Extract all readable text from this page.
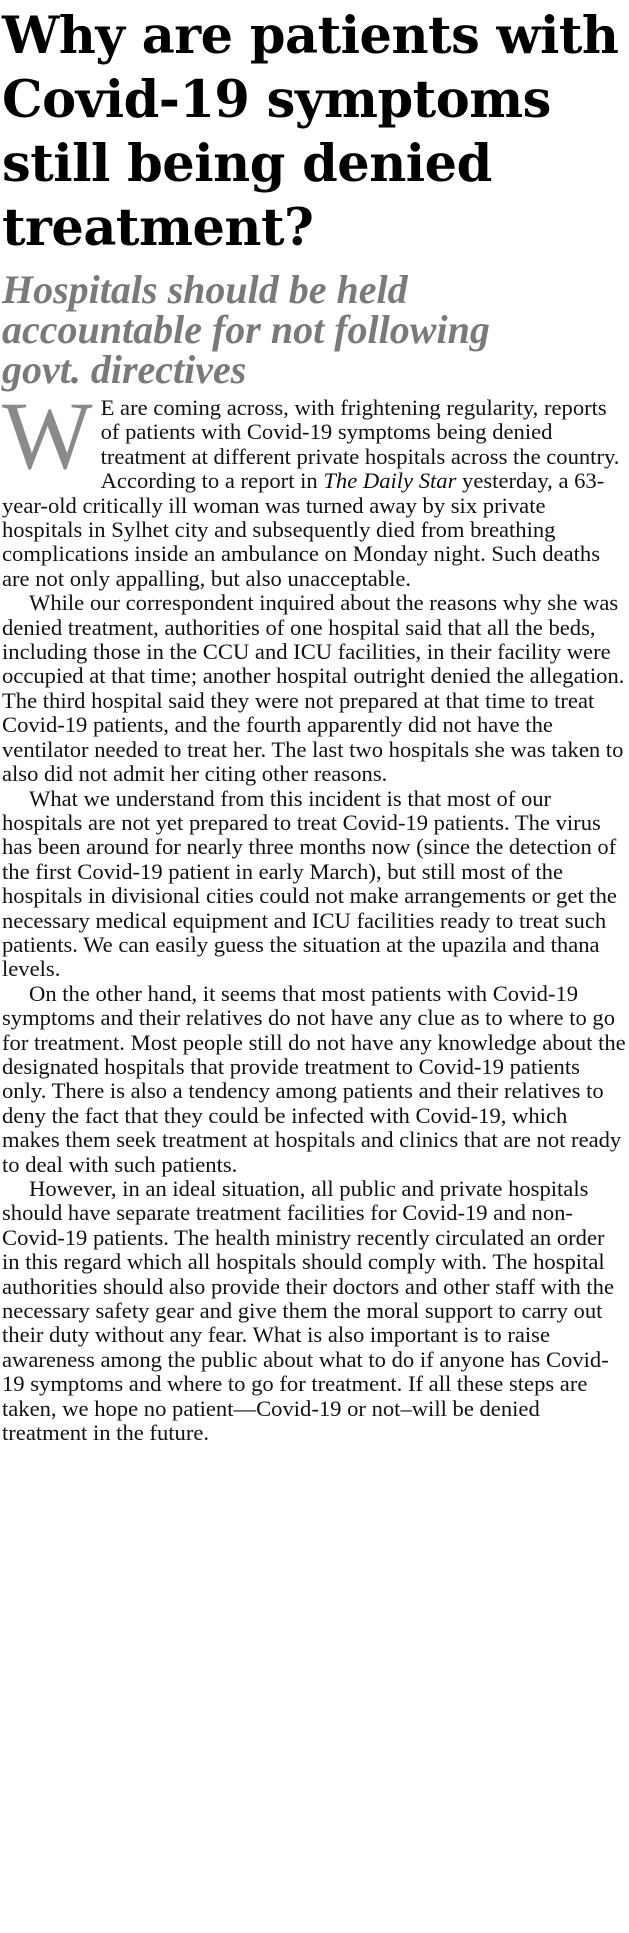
Why are patients with Covid-19 symptoms still being denied treatment?
Hospitals should be held accountable for not following govt. directives

W E are coming across, with frightening regularity, reports of patients with Covid-19 symptoms being denied treatment at different private hospitals across the country. According to a report in The Daily Star yesterday, a 63-year-old critically ill woman was turned away by six private hospitals in Sylhet city and subsequently died from breathing complications inside an ambulance on Monday night. Such deaths are not only appalling, but also unacceptable.

While our correspondent inquired about the reasons why she was denied treatment, authorities of one hospital said that all the beds, including those in the CCU and ICU facilities, in their facility were occupied at that time; another hospital outright denied the allegation. The third hospital said they were not prepared at that time to treat Covid-19 patients, and the fourth apparently did not have the ventilator needed to treat her. The last two hospitals she was taken to also did not admit her citing other reasons.

What we understand from this incident is that most of our hospitals are not yet prepared to treat Covid-19 patients. The virus has been around for nearly three months now (since the detection of the first Covid-19 patient in early March), but still most of the hospitals in divisional cities could not make arrangements or get the necessary medical equipment and ICU facilities ready to treat such patients. We can easily guess the situation at the upazila and thana levels.

On the other hand, it seems that most patients with Covid-19 symptoms and their relatives do not have any clue as to where to go for treatment. Most people still do not have any knowledge about the designated hospitals that provide treatment to Covid-19 patients only. There is also a tendency among patients and their relatives to deny the fact that they could be infected with Covid-19, which makes them seek treatment at hospitals and clinics that are not ready to deal with such patients.

However, in an ideal situation, all public and private hospitals should have separate treatment facilities for Covid-19 and non-Covid-19 patients. The health ministry recently circulated an order in this regard which all hospitals should comply with. The hospital authorities should also provide their doctors and other staff with the necessary safety gear and give them the moral support to carry out their duty without any fear. What is also important is to raise awareness among the public about what to do if anyone has Covid-19 symptoms and where to go for treatment. If all these steps are taken, we hope no patient—Covid-19 or not–will be denied treatment in the future.
